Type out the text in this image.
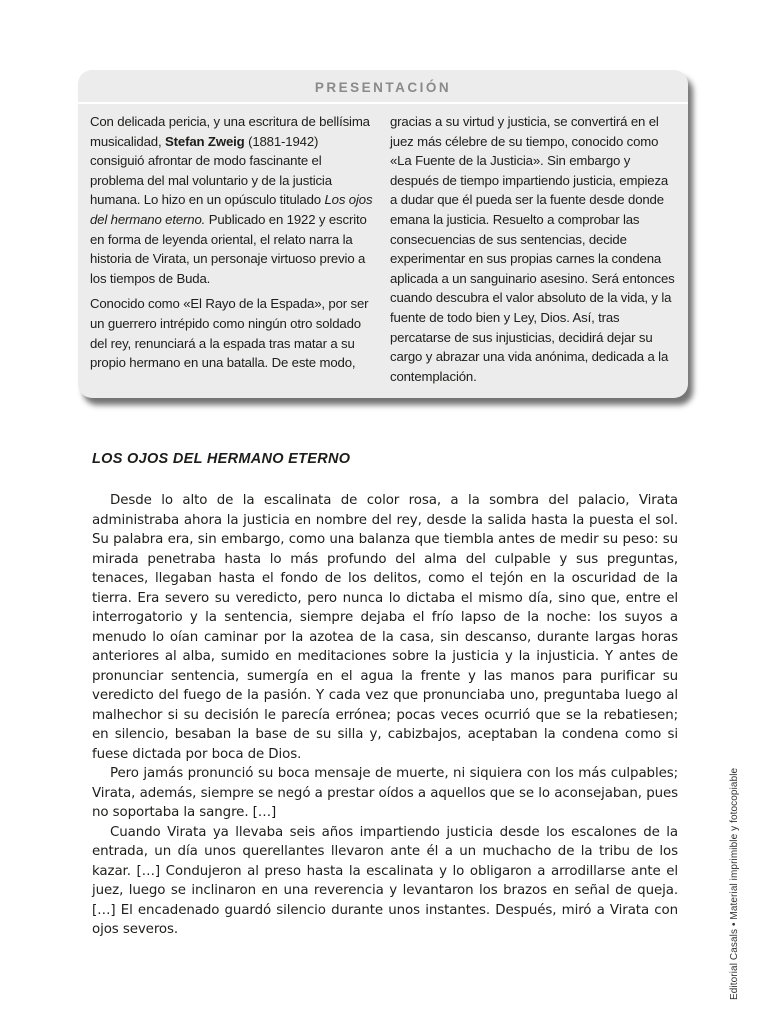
PRESENTACIÓN

Con delicada pericia, y una escritura de bellísima musicalidad, Stefan Zweig (1881-1942) consiguió afrontar de modo fascinante el problema del mal voluntario y de la justicia humana. Lo hizo en un opúsculo titulado Los ojos del hermano eterno. Publicado en 1922 y escrito en forma de leyenda oriental, el relato narra la historia de Virata, un personaje virtuoso previo a los tiempos de Buda.

Conocido como «El Rayo de la Espada», por ser un guerrero intrépido como ningún otro soldado del rey, renunciará a la espada tras matar a su propio hermano en una batalla. De este modo,

gracias a su virtud y justicia, se convertirá en el juez más célebre de su tiempo, conocido como «La Fuente de la Justicia». Sin embargo y después de tiempo impartiendo justicia, empieza a dudar que él pueda ser la fuente desde donde emana la justicia. Resuelto a comprobar las consecuencias de sus sentencias, decide experimentar en sus propias carnes la condena aplicada a un sanguinario asesino. Será entonces cuando descubra el valor absoluto de la vida, y la fuente de todo bien y Ley, Dios. Así, tras percatarse de sus injusticias, decidirá dejar su cargo y abrazar una vida anónima, dedicada a la contemplación.

LOS OJOS DEL HERMANO ETERNO

Desde lo alto de la escalinata de color rosa, a la sombra del palacio, Virata administraba ahora la justicia en nombre del rey, desde la salida hasta la puesta el sol. Su palabra era, sin embargo, como una balanza que tiembla antes de medir su peso: su mirada penetraba hasta lo más profundo del alma del culpable y sus preguntas, tenaces, llegaban hasta el fondo de los delitos, como el tejón en la oscuridad de la tierra. Era severo su veredicto, pero nunca lo dictaba el mismo día, sino que, entre el interrogatorio y la sentencia, siempre dejaba el frío lapso de la noche: los suyos a menudo lo oían caminar por la azotea de la casa, sin descanso, durante largas horas anteriores al alba, sumido en meditaciones sobre la justicia y la injusticia. Y antes de pronunciar sentencia, sumergía en el agua la frente y las manos para purificar su veredicto del fuego de la pasión. Y cada vez que pronunciaba uno, preguntaba luego al malhechor si su decisión le parecía errónea; pocas veces ocurrió que se la rebatiesen; en silencio, besaban la base de su silla y, cabizbajos, aceptaban la condena como si fuese dictada por boca de Dios.

Pero jamás pronunció su boca mensaje de muerte, ni siquiera con los más culpables; Virata, además, siempre se negó a prestar oídos a aquellos que se lo aconsejaban, pues no soportaba la sangre. […]

Cuando Virata ya llevaba seis años impartiendo justicia desde los escalones de la entrada, un día unos querellantes llevaron ante él a un muchacho de la tribu de los kazar. […] Condujeron al preso hasta la escalinata y lo obligaron a arrodillarse ante el juez, luego se inclinaron en una reverencia y levantaron los brazos en señal de queja. […] El encadenado guardó silencio durante unos instantes. Después, miró a Virata con ojos severos.	Editorial Casals • Material imprimible y fotocopiable
